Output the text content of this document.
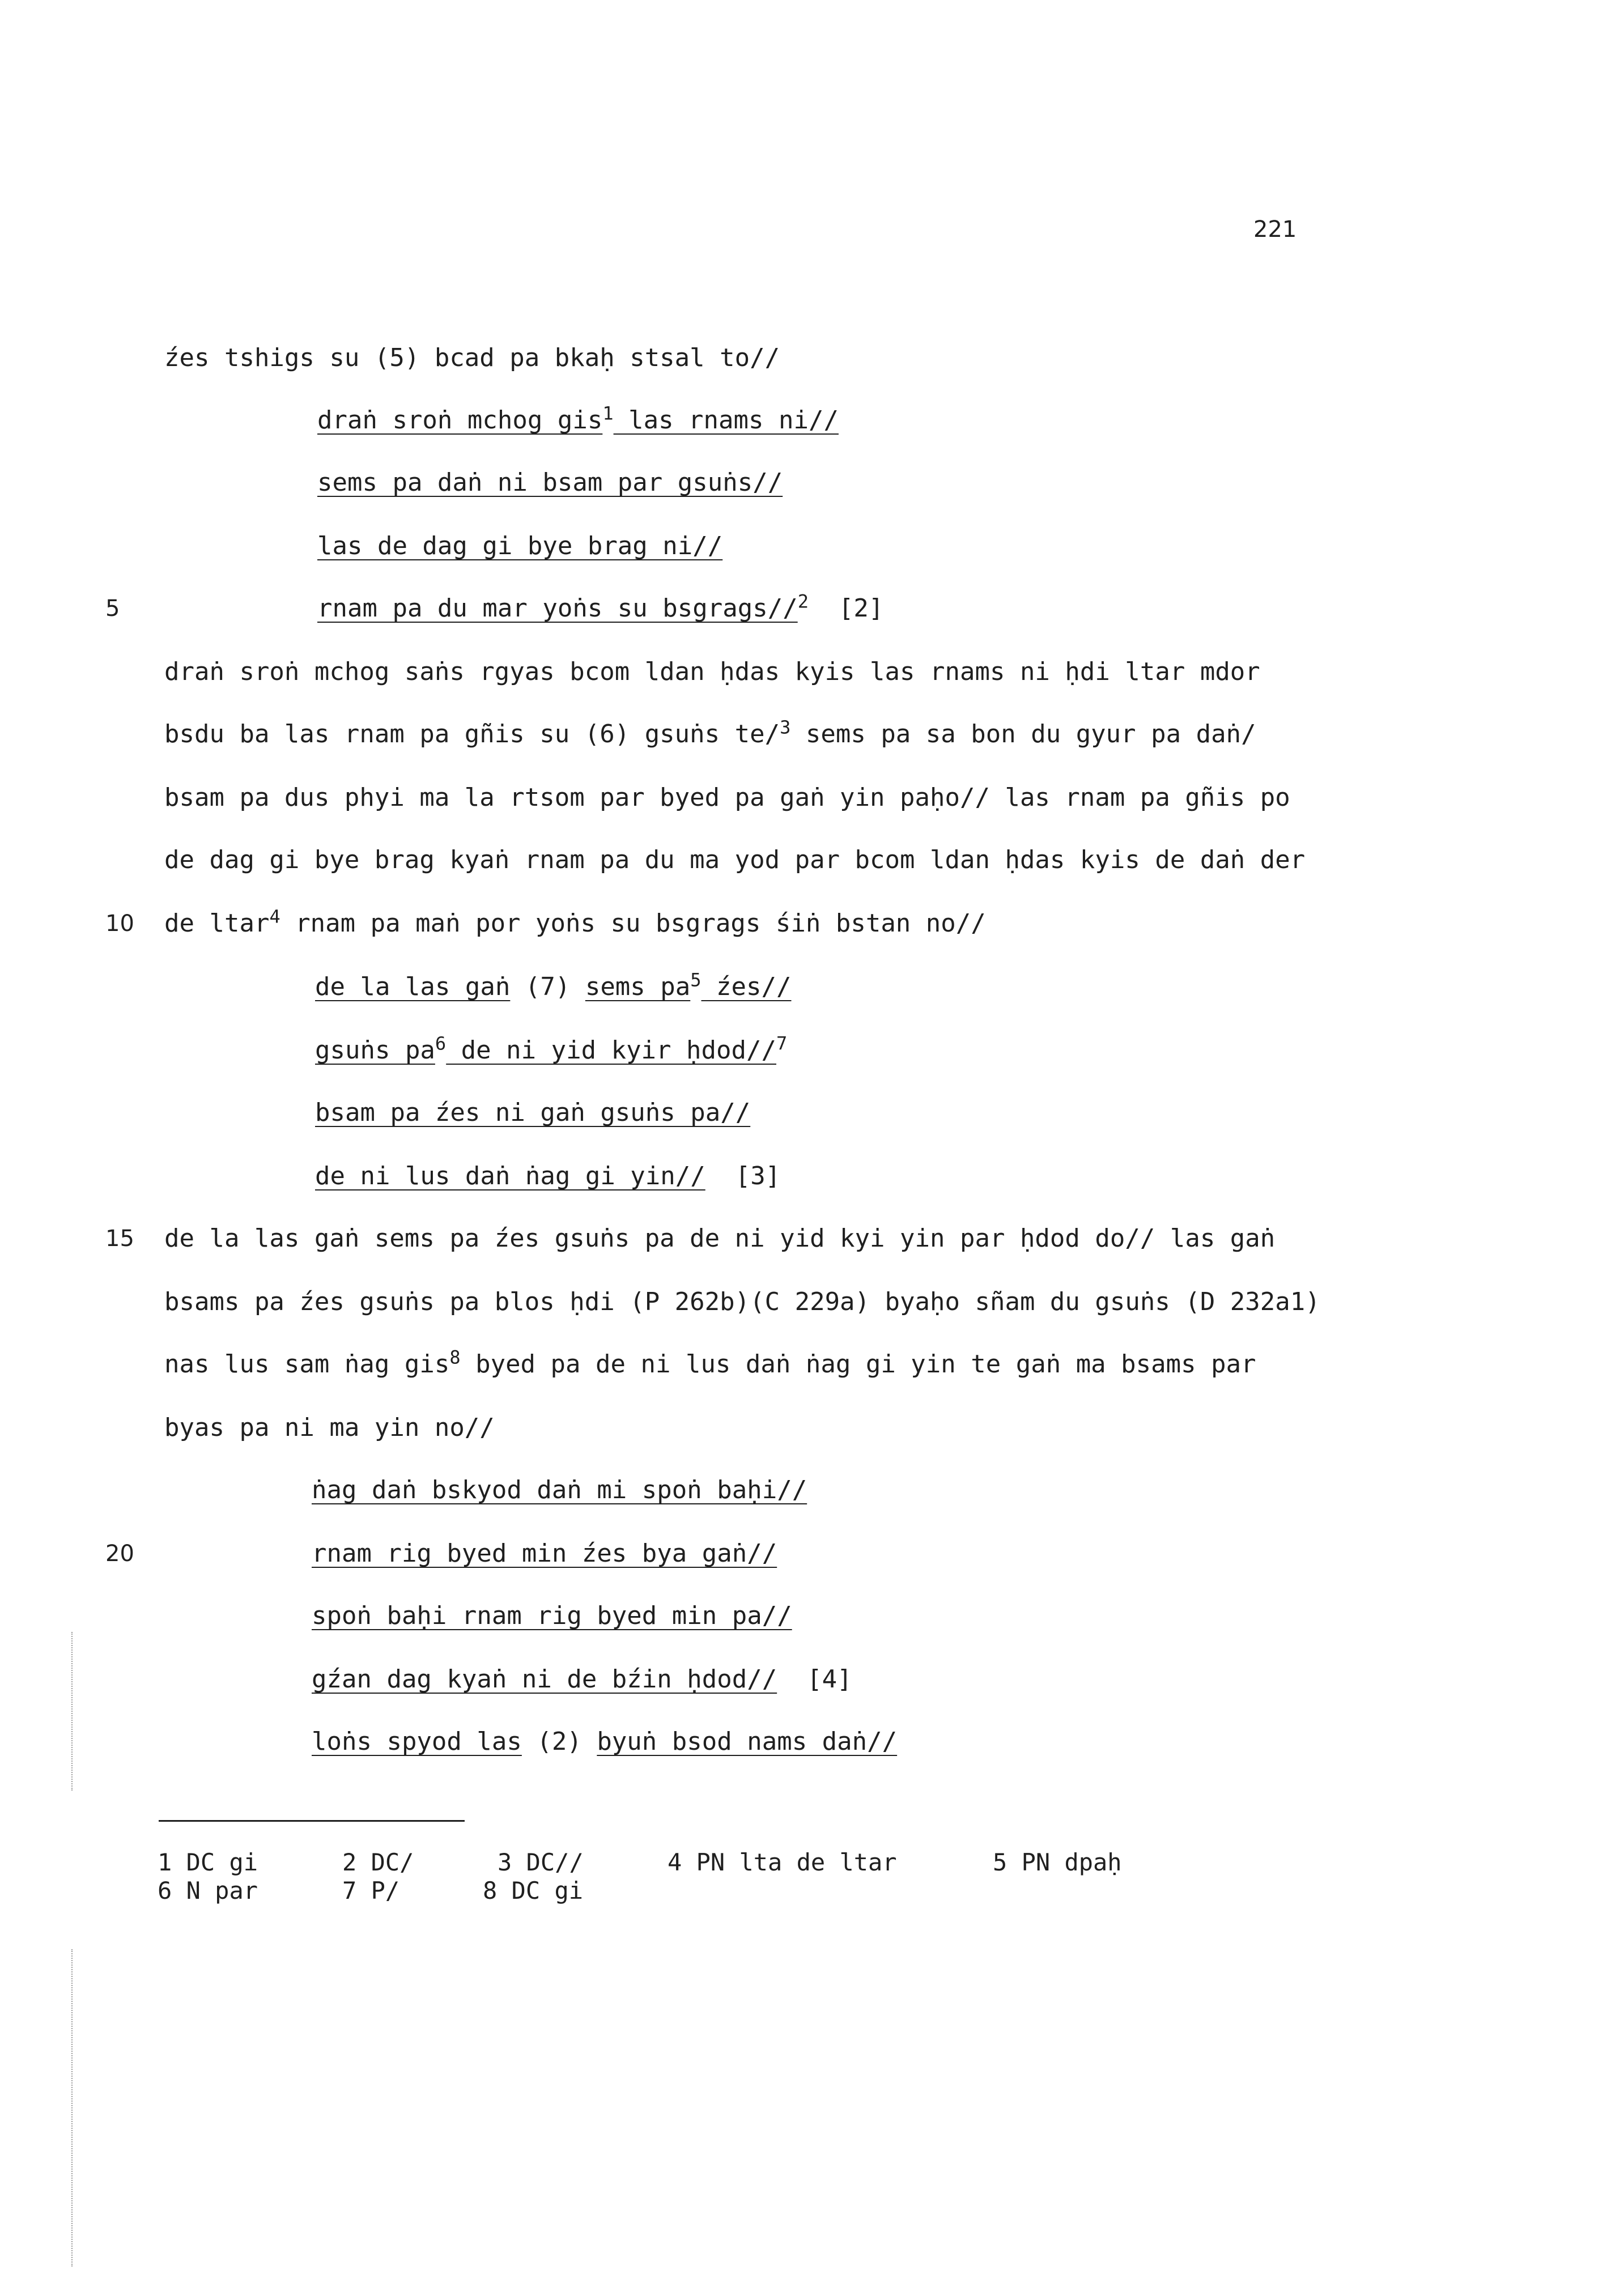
221
źes tshigs su (5) bcad pa bkaḥ stsal to//
draṅ sroṅ mchog gis$^1$ las rnams ni//
sems pa daṅ ni bsam par gsuṅs//
las de dag gi bye brag ni//
rnam pa du mar yoṅs su bsgrags//$^2$  [2]
5
draṅ sroṅ mchog saṅs rgyas bcom ldan ḥdas kyis las rnams ni ḥdi ltar mdor
bsdu ba las rnam pa gñis su (6) gsuṅs te/$^3$ sems pa sa bon du gyur pa daṅ/
bsam pa dus phyi ma la rtsom par byed pa gaṅ yin paḥo// las rnam pa gñis po
de dag gi bye brag kyaṅ rnam pa du ma yod par bcom ldan ḥdas kyis de daṅ der
de ltar$^4$ rnam pa maṅ por yoṅs su bsgrags śiṅ bstan no//
10
de la las gaṅ (7) sems $pa^5$ źes//
gsuṅs $pa^6$ de ni yid kyir ḥdod//$^7$
bsam pa źes ni gaṅ gsuṅs pa//
de ni lus daṅ ṅag gi yin//  [3]
de la las gaṅ sems pa źes gsuṅs pa de ni yid kyi yin par ḥdod do// las gaṅ
15
bsams pa źes gsuṅs pa blos ḥdi (P 262b)(C 229a) byaḥo sñam du gsuṅs (D 232a1)
nas lus sam ṅag gis$^8$ byed pa de ni lus daṅ ṅag gi yin te gaṅ ma bsams par
byas pa ni ma yin no//
ṅag daṅ bskyod daṅ mi spoṅ baḥi//
rnam rig byed min źes bya gaṅ//
20
spoṅ baḥi rnam rig byed min pa//
gźan dag kyaṅ ni de bźin ḥdod//  [4]
loṅs spyod las (2) byuṅ bsod nams daṅ//
1 DC gi	2 DC/	3 DC//	4 PN lta de ltar	5 PN dpaḥ
6 N par	7 P/	8 DC gi
